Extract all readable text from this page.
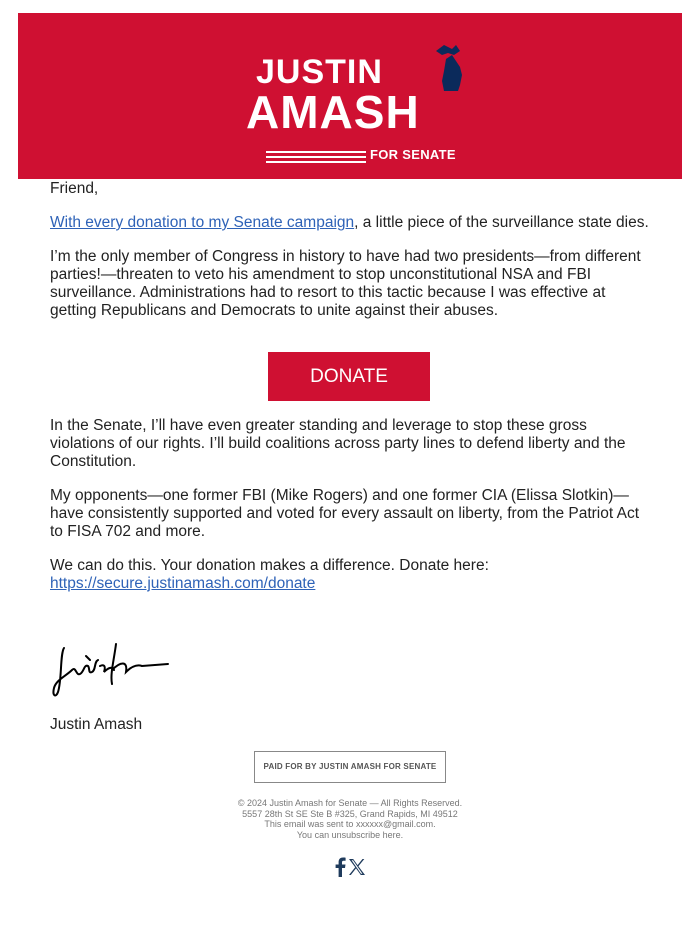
JUSTIN
AMASH
FOR SENATE

Friend,

With every donation to my Senate campaign, a little piece of the surveillance state dies.

I’m the only member of Congress in history to have had two presidents—from different parties!—threaten to veto his amendment to stop unconstitutional NSA and FBI surveillance. Administrations had to resort to this tactic because I was effective at getting Republicans and Democrats to unite against their abuses.

DONATE

In the Senate, I’ll have even greater standing and leverage to stop these gross violations of our rights. I’ll build coalitions across party lines to defend liberty and the Constitution.

My opponents—one former FBI (Mike Rogers) and one former CIA (Elissa Slotkin)—have consistently supported and voted for every assault on liberty, from the Patriot Act to FISA 702 and more.

We can do this. Your donation makes a difference. Donate here:
https://secure.justinamash.com/donate

Justin Amash
PAID FOR BY JUSTIN AMASH FOR SENATE
© 2024 Justin Amash for Senate — All Rights Reserved.
5557 28th St SE Ste B #325, Grand Rapids, MI 49512
This email was sent to xxxxxx@gmail.com.
You can unsubscribe here.
